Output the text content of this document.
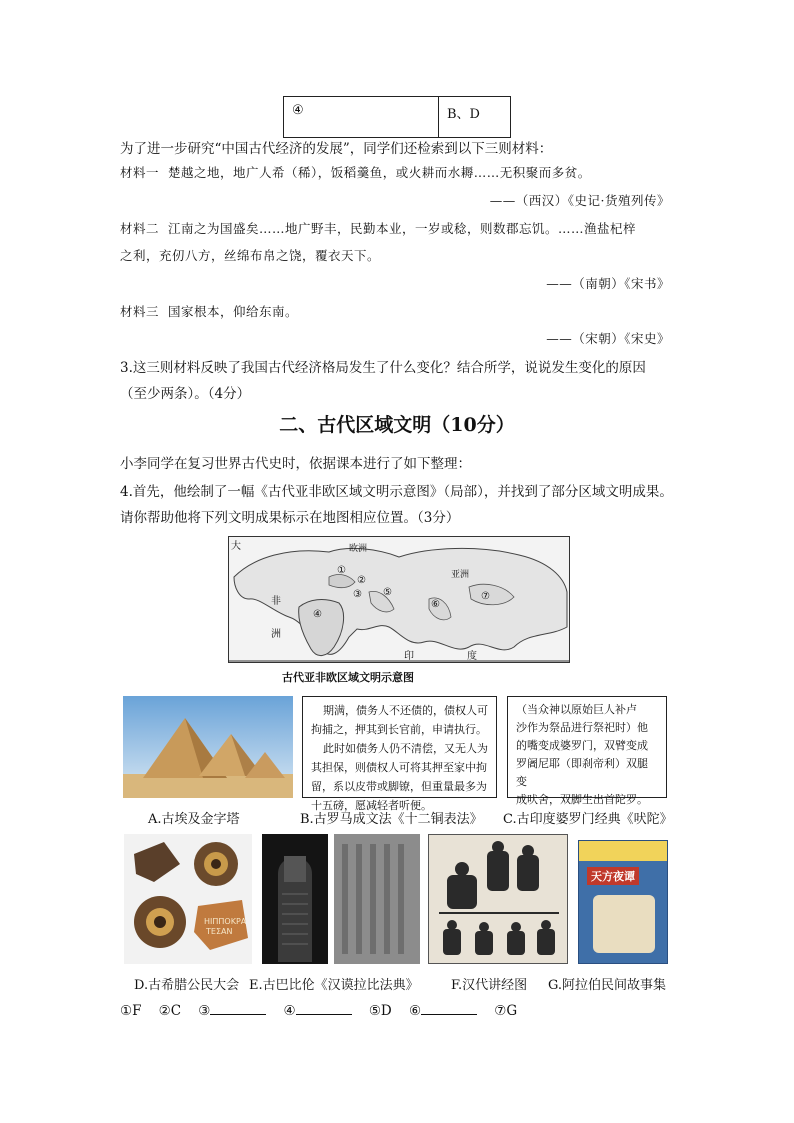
④	B、D
为了进一步研究“中国古代经济的发展”，同学们还检索到以下三则材料：
材料一 楚越之地，地广人希（稀），饭稻羹鱼，或火耕而水耨……无积聚而多贫。
——（西汉）《史记·货殖列传》
材料二 江南之为国盛矣……地广野丰，民勤本业，一岁或稔，则数郡忘饥。……渔盐杞梓
之利，充仞八方，丝绵布帛之饶，覆衣天下。
——（南朝）《宋书》
材料三 国家根本，仰给东南。
——（宋朝）《宋史》
3.这三则材料反映了我国古代经济格局发生了什么变化？结合所学，说说发生变化的原因
（至少两条）。（4分）
二、古代区域文明（10分）
小李同学在复习世界古代史时，依据课本进行了如下整理：
4.首先，他绘制了一幅《古代亚非欧区域文明示意图》（局部），并找到了部分区域文明成果。
请你帮助他将下列文明成果标示在地图相应位置。（3分）
大	欧洲
亚洲
非
洲
印	度
①
②
③
④
⑤
⑥
⑦
古代亚非欧区域文明示意图
期满，债务人不还债的，债权人可
拘捕之，押其到长官前，申请执行。
此时如债务人仍不清偿，又无人为
其担保，则债权人可将其押至家中拘
留，系以皮带或脚镣，但重量最多为
十五磅，愿减轻者听便。
（当众神以原始巨人补卢
沙作为祭品进行祭祀时）他
的嘴变成婆罗门，双臂变成
罗阇尼耶（即刹帝利）双腿变
成吠舍，双脚生出首陀罗。
A.古埃及金字塔	B.古罗马成文法《十二铜表法》 C.古印度婆罗门经典《吠陀》
ΗΙΠΠΟΚΡΑ
ΤΕΣΑΝ
天方夜谭
D.古希腊公民大会 E.古巴比伦《汉谟拉比法典》 F.汉代讲经图 G.阿拉伯民间故事集
①F ②C ③	④	⑤D ⑥	⑦G
